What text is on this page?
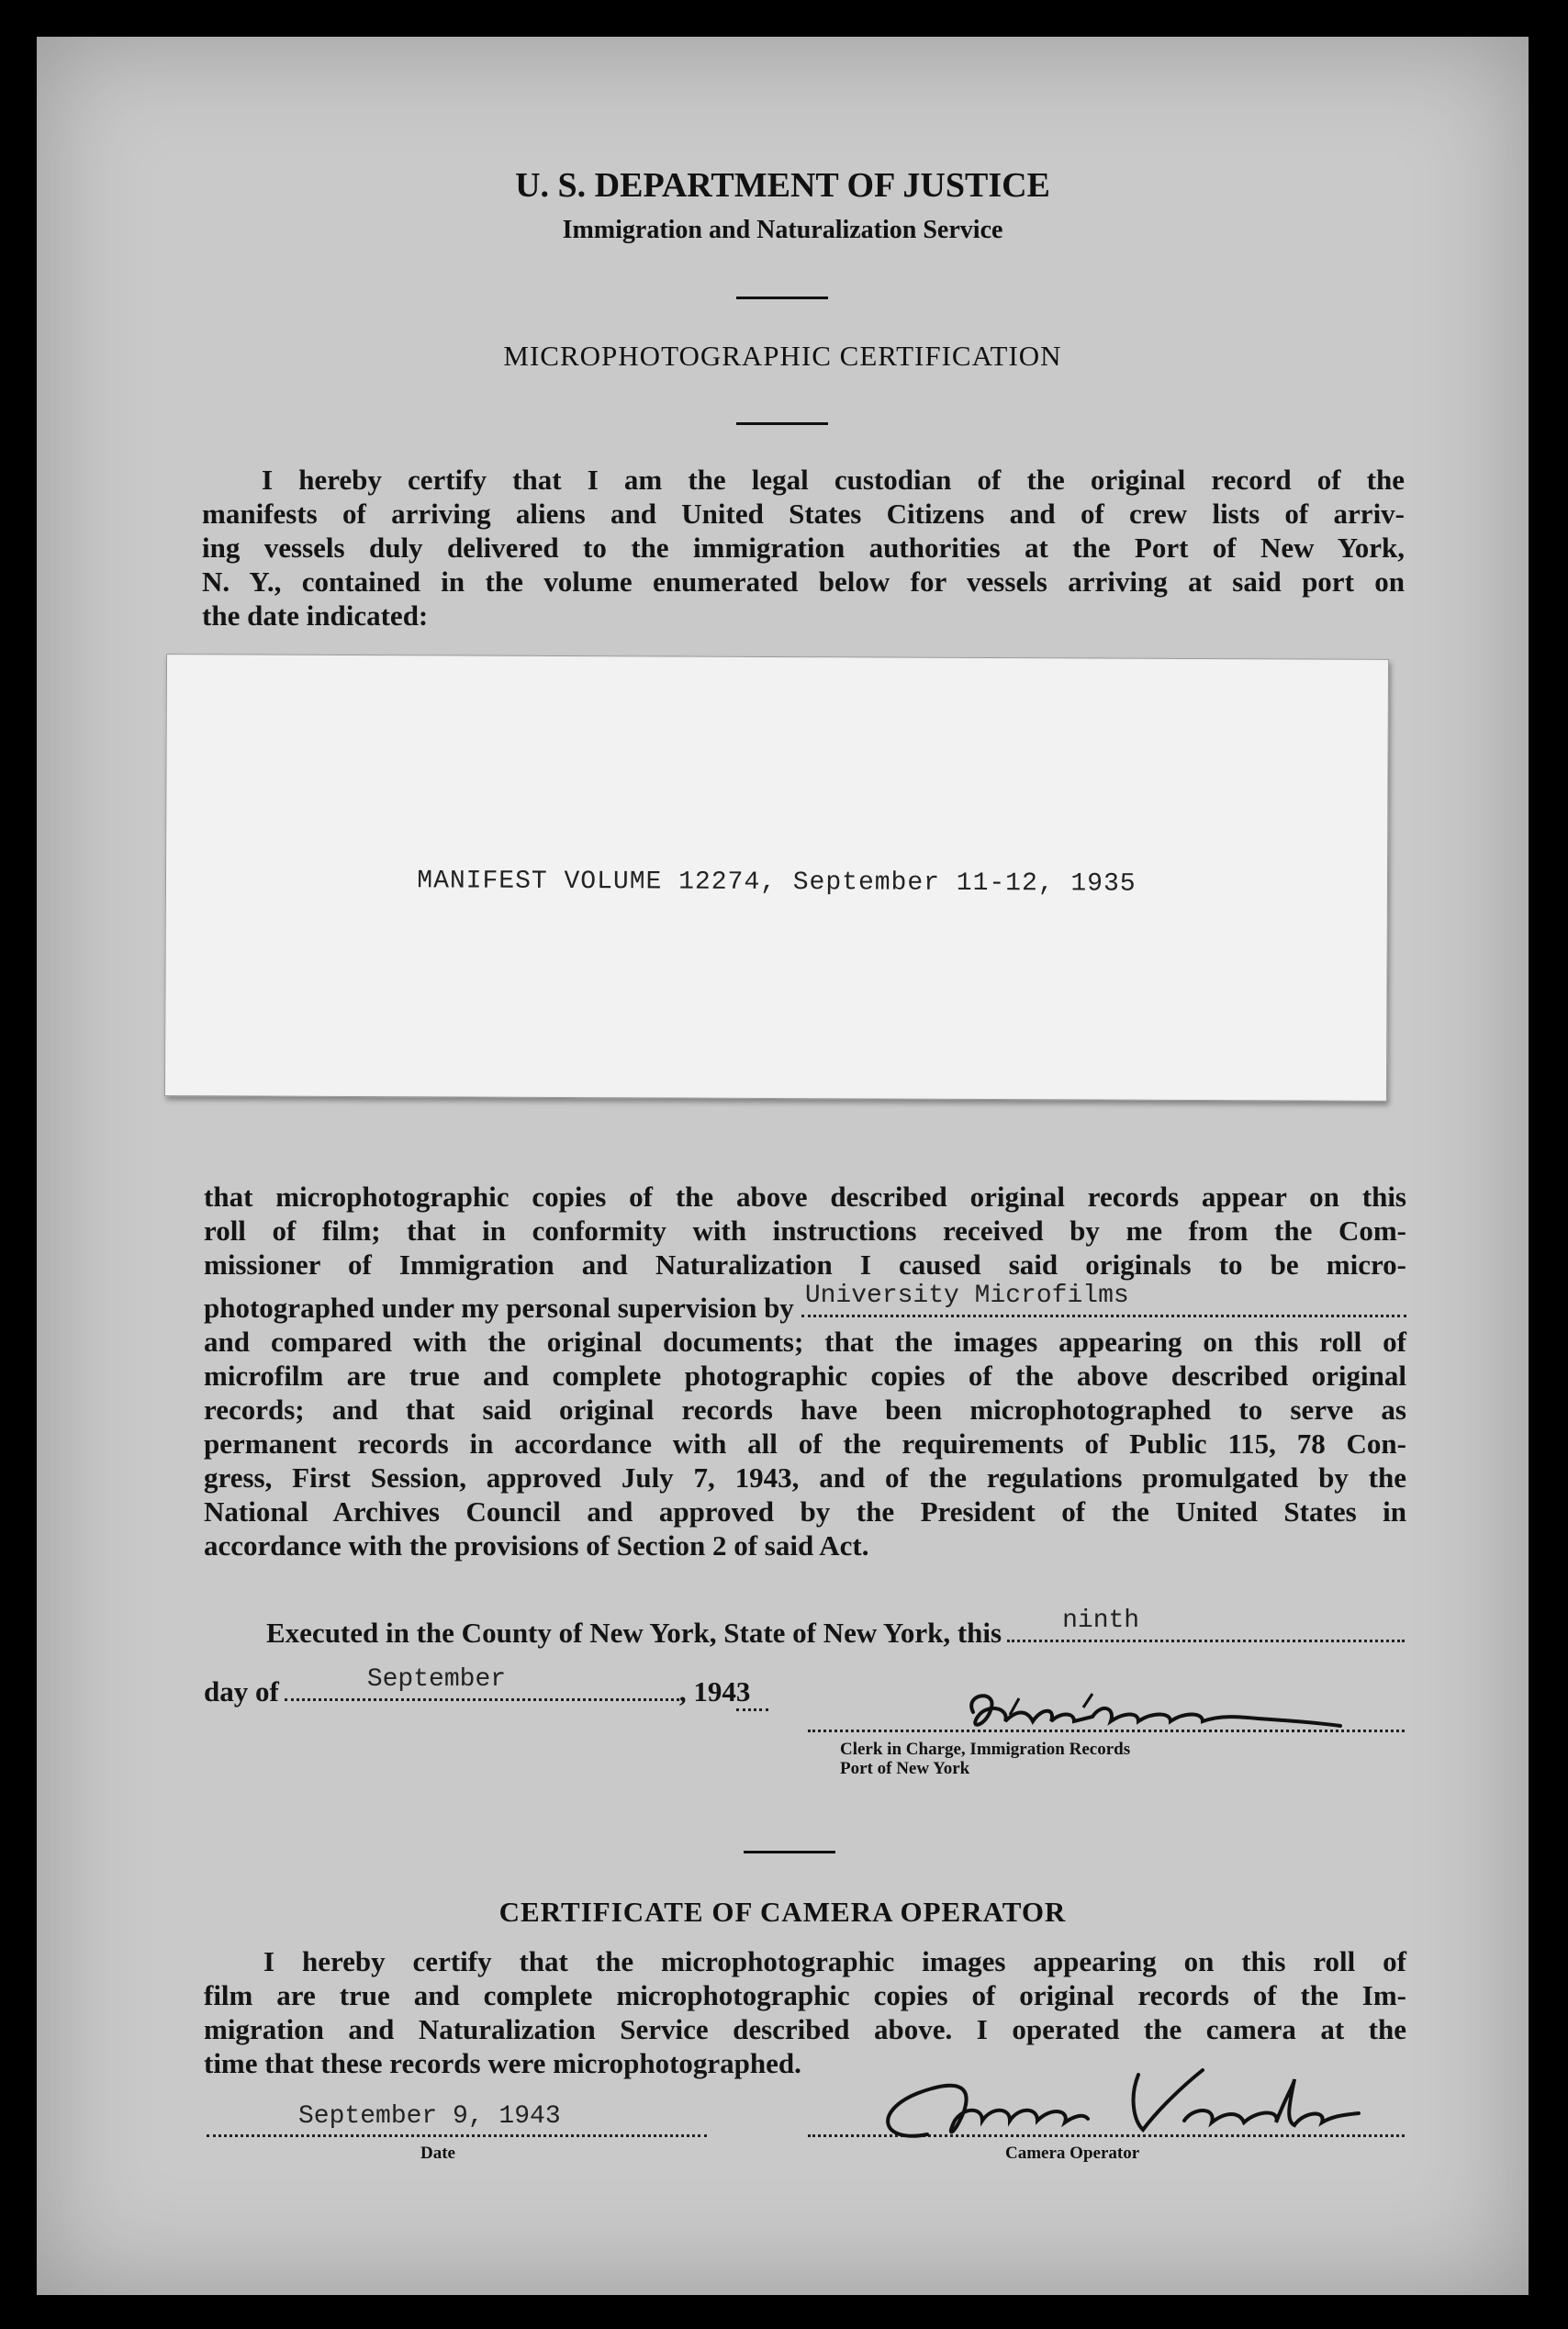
U. S. DEPARTMENT OF JUSTICE
Immigration and Naturalization Service
MICROPHOTOGRAPHIC CERTIFICATION
I hereby certify that I am the legal custodian of the original record of the
manifests of arriving aliens and United States Citizens and of crew lists of arriv-
ing vessels duly delivered to the immigration authorities at the Port of New York,
N. Y., contained in the volume enumerated below for vessels arriving at said port on
the date indicated:
MANIFEST VOLUME 12274, September 11-12, 1935
that microphotographic copies of the above described original records appear on this
roll of film; that in conformity with instructions received by me from the Com-
missioner of Immigration and Naturalization I caused said originals to be micro-
photographed under my personal supervision by University Microfilms
and compared with the original documents; that the images appearing on this roll of
microfilm are true and complete photographic copies of the above described original
records; and that said original records have been microphotographed to serve as
permanent records in accordance with all of the requirements of Public 115, 78 Con-
gress, First Session, approved July 7, 1943, and of the regulations promulgated by the
National Archives Council and approved by the President of the United States in
accordance with the provisions of Section 2 of said Act.
Executed in the County of New York, State of New York, this ninth
day of	September	, 194 3
Clerk in Charge, Immigration Records
Port of New York
CERTIFICATE OF CAMERA OPERATOR
I hereby certify that the microphotographic images appearing on this roll of
film are true and complete microphotographic copies of original records of the Im-
migration and Naturalization Service described above. I operated the camera at the
time that these records were microphotographed.
September 9, 1943
Date	Camera Operator
